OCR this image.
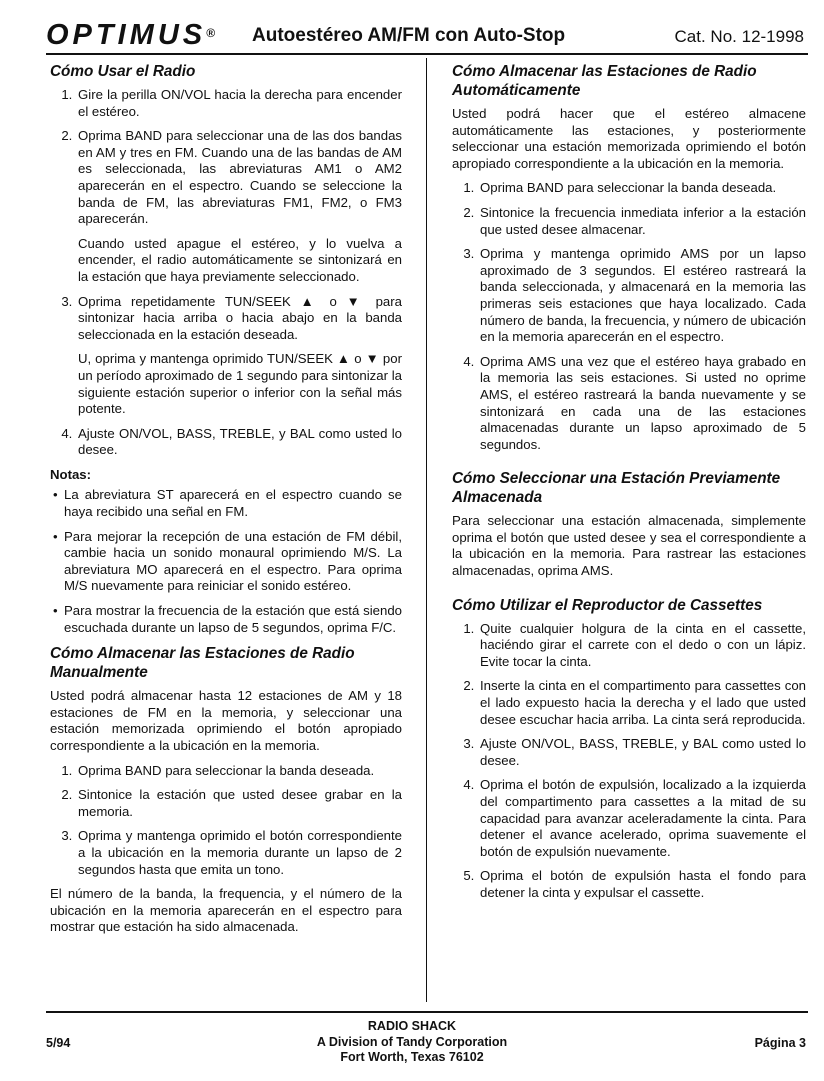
OPTIMUS® Autoestéreo AM/FM con Auto-Stop	Cat. No. 12-1998
Cómo Usar el Radio
1. Gire la perilla ON/VOL hacia la derecha para encender el estéreo.
2. Oprima BAND para seleccionar una de las dos bandas en AM y tres en FM. Cuando una de las bandas de AM es seleccionada, las abreviaturas AM1 o AM2 aparecerán en el espectro. Cuando se seleccione la banda de FM, las abreviaturas FM1, FM2, o FM3 aparecerán.

Cuando usted apague el estéreo, y lo vuelva a encender, el radio automáticamente se sintonizará en la estación que haya previamente seleccionado.

3. Oprima repetidamente TUN/SEEK ▲ o ▼ para sintonizar hacia arriba o hacia abajo en la banda seleccionada en la estación deseada.

U, oprima y mantenga oprimido TUN/SEEK ▲ o ▼ por un período aproximado de 1 segundo para sintonizar la siguiente estación superior o inferior con la señal más potente.

4. Ajuste ON/VOL, BASS, TREBLE, y BAL como usted lo desee.
Notas:
• La abreviatura ST aparecerá en el espectro cuando se haya recibido una señal en FM.
• Para mejorar la recepción de una estación de FM débil, cambie hacia un sonido monaural oprimiendo M/S. La abreviatura MO aparecerá en el espectro. Para oprima M/S nuevamente para reiniciar el sonido estéreo.
• Para mostrar la frecuencia de la estación que está siendo escuchada durante un lapso de 5 segundos, oprima F/C.
Cómo Almacenar las Estaciones de Radio Manualmente

Usted podrá almacenar hasta 12 estaciones de AM y 18 estaciones de FM en la memoria, y seleccionar una estación memorizada oprimiendo el botón apropiado correspondiente a la ubicación en la memoria.

1. Oprima BAND para seleccionar la banda deseada.
2. Sintonice la estación que usted desee grabar en la memoria.
3. Oprima y mantenga oprimido el botón correspondiente a la ubicación en la memoria durante un lapso de 2 segundos hasta que emita un tono.

El número de la banda, la frequencia, y el número de la ubicación en la memoria aparecerán en el espectro para mostrar que estación ha sido almacenada.

Cómo Almacenar las Estaciones de Radio Automáticamente

Usted podrá hacer que el estéreo almacene automáticamente las estaciones, y posteriormente seleccionar una estación memorizada oprimiendo el botón apropiado correspondiente a la ubicación en la memoria.

1. Oprima BAND para seleccionar la banda deseada.
2. Sintonice la frecuencia inmediata inferior a la estación que usted desee almacenar.
3. Oprima y mantenga oprimido AMS por un lapso aproximado de 3 segundos. El estéreo rastreará la banda seleccionada, y almacenará en la memoria las primeras seis estaciones que haya localizado. Cada número de banda, la frecuencia, y número de ubicación en la memoria aparecerán en el espectro.
4. Oprima AMS una vez que el estéreo haya grabado en la memoria las seis estaciones. Si usted no oprime AMS, el estéreo rastreará la banda nuevamente y se sintonizará en cada una de las estaciones almacenadas durante un lapso aproximado de 5 segundos.
Cómo Seleccionar una Estación Previamente Almacenada

Para seleccionar una estación almacenada, simplemente oprima el botón que usted desee y sea el correspondiente a la ubicación en la memoria. Para rastrear las estaciones almacenadas, oprima AMS.

Cómo Utilizar el Reproductor de Cassettes
1. Quite cualquier holgura de la cinta en el cassette, haciéndo girar el carrete con el dedo o con un lápiz. Evite tocar la cinta.
2. Inserte la cinta en el compartimento para cassettes con el lado expuesto hacia la derecha y el lado que usted desee escuchar hacia arriba. La cinta será reproducida.
3. Ajuste ON/VOL, BASS, TREBLE, y BAL como usted lo desee.
4. Oprima el botón de expulsión, localizado a la izquierda del compartimento para cassettes a la mitad de su capacidad para avanzar aceleradamente la cinta. Para detener el avance acelerado, oprima suavemente el botón de expulsión nuevamente.
5. Oprima el botón de expulsión hasta el fondo para detener la cinta y expulsar el cassette.
5/94
RADIO SHACK
A Division of Tandy Corporation
Fort Worth, Texas 76102
Página 3
